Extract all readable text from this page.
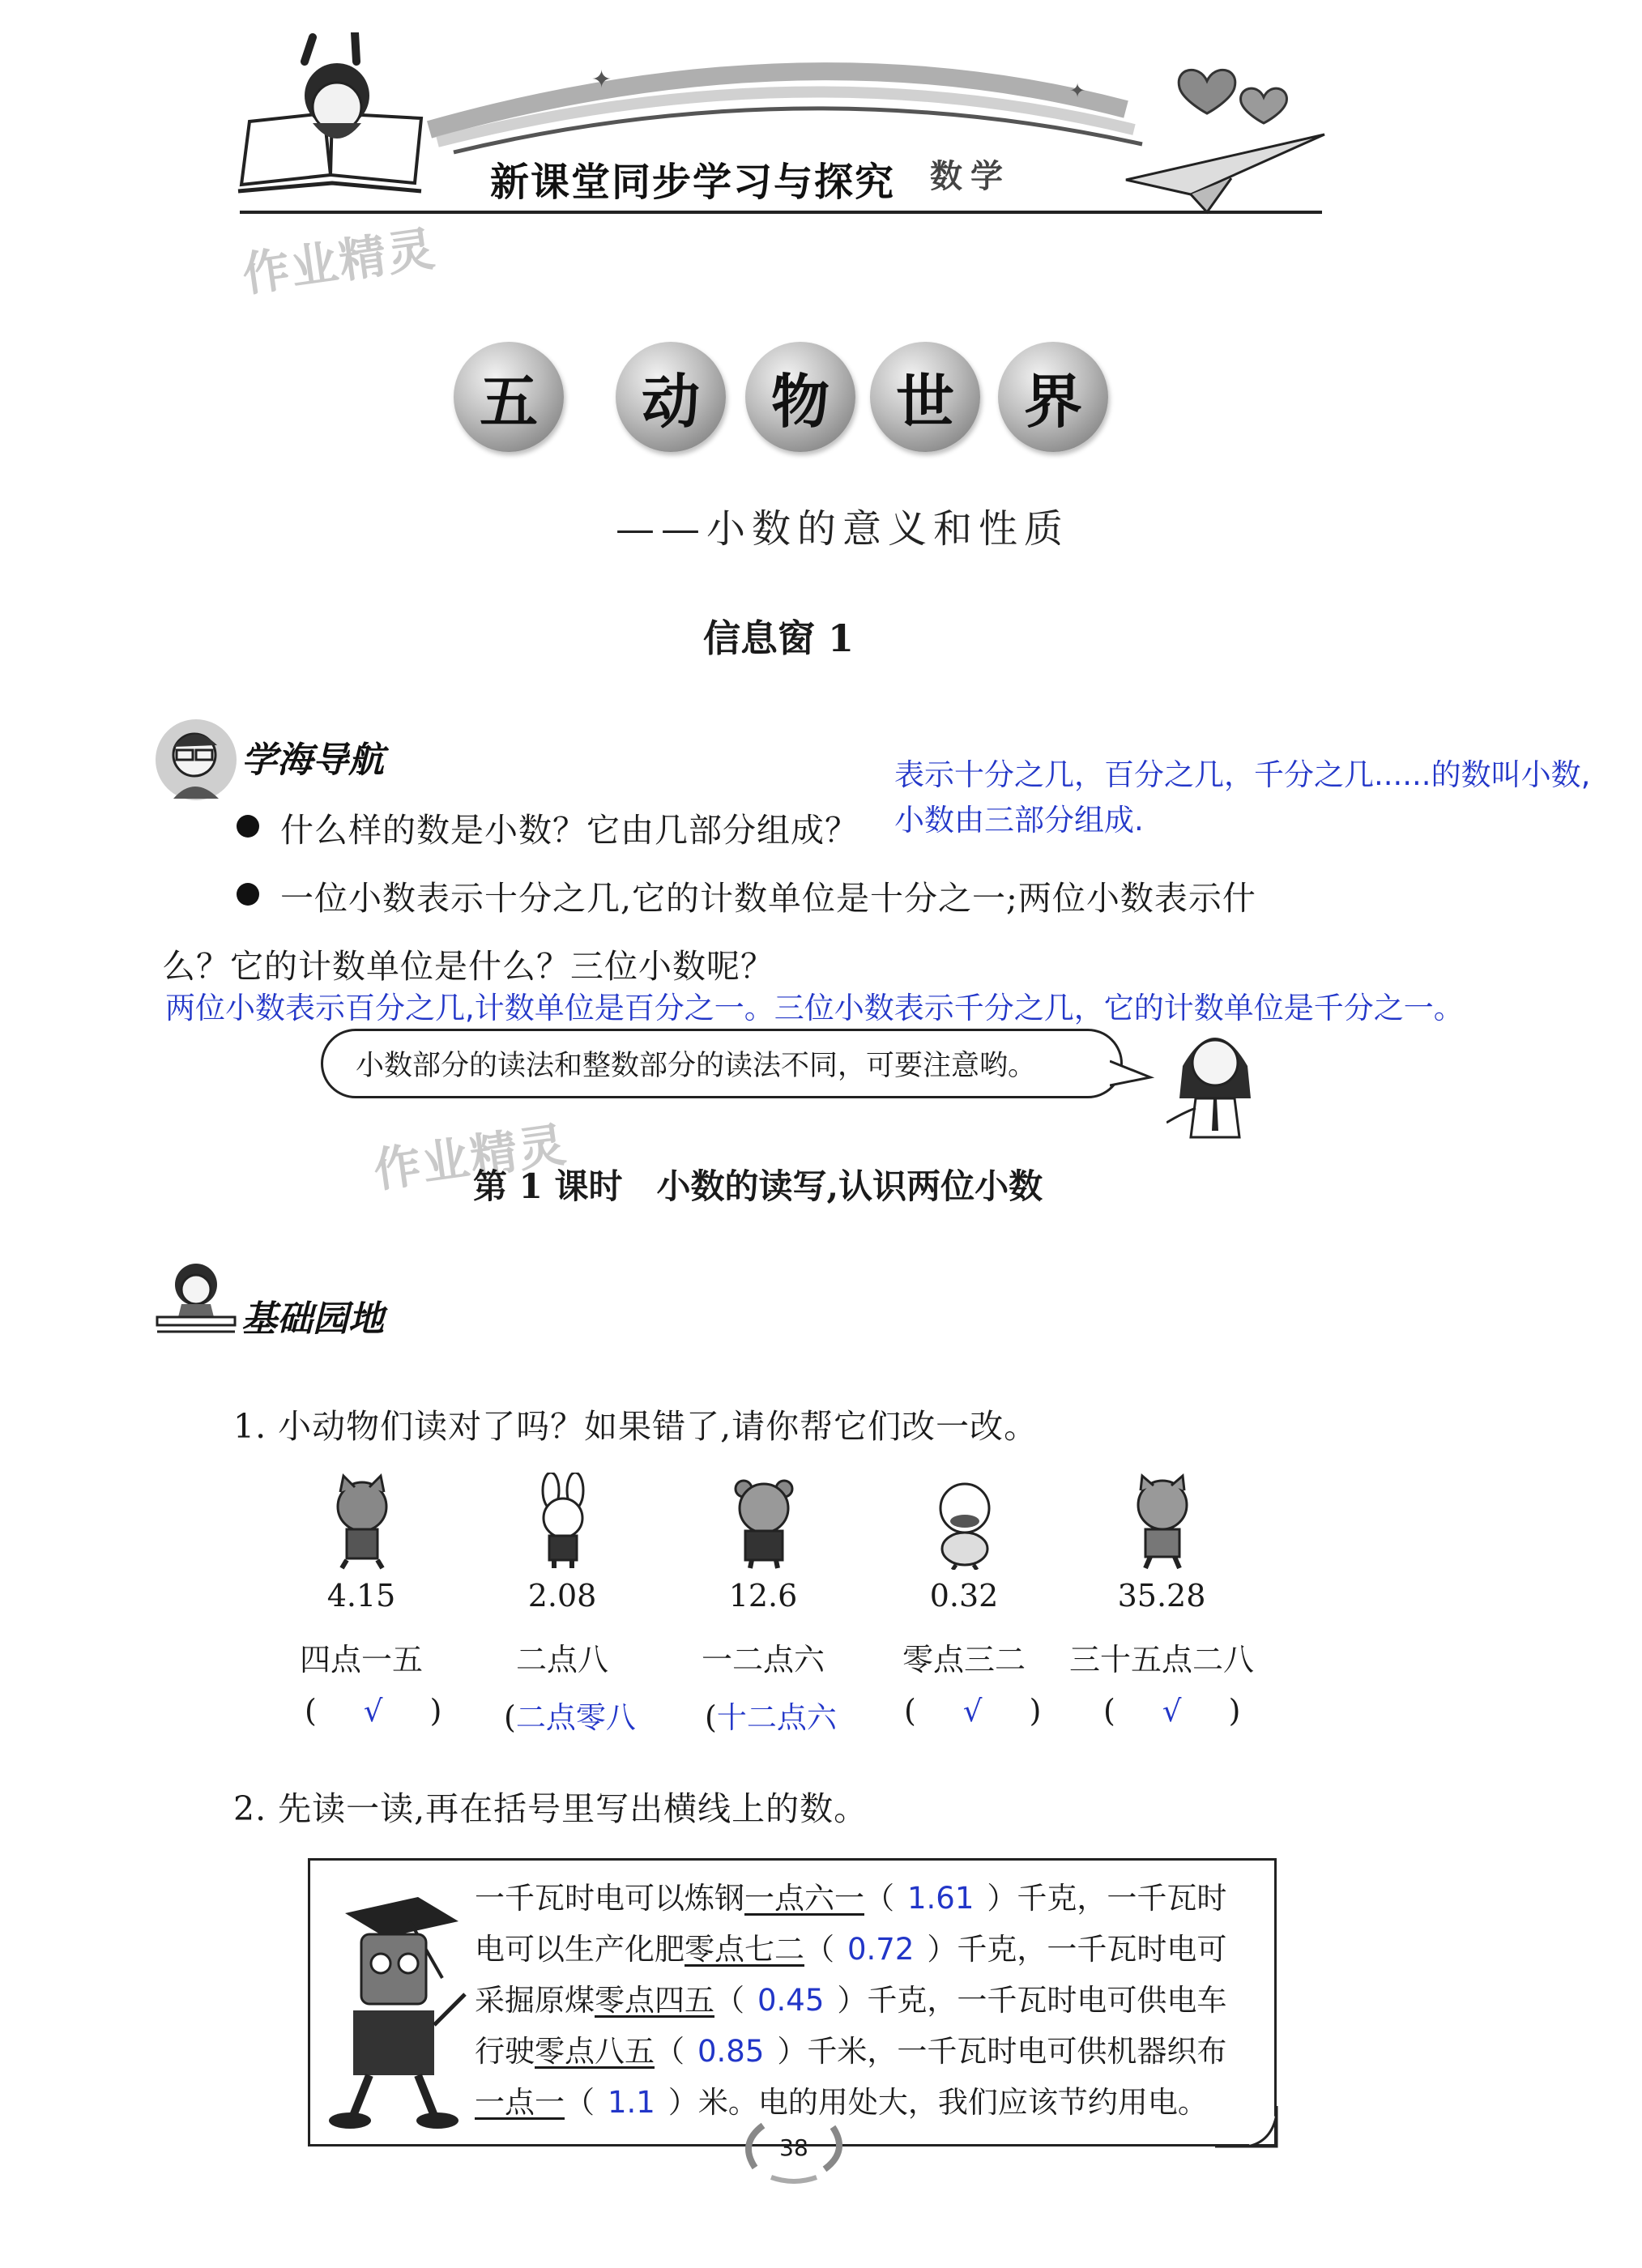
✦	✦
新课堂同步学习与探究 数学
作业精灵
五	动	物	世	界
——小数的意义和性质
信息窗 1
学海导航	表示十分之几，百分之几，千分之几......的数叫小数,
小数由三部分组成.
什么样的数是小数？它由几部分组成？
一位小数表示十分之几,它的计数单位是十分之一;两位小数表示什
么？它的计数单位是什么？三位小数呢？
两位小数表示百分之几,计数单位是百分之一。三位小数表示千分之几，它的计数单位是千分之一。
小数部分的读法和整数部分的读法不同，可要注意哟。
作业精灵
第 1 课时　小数的读写,认识两位小数
基础园地
1. 小动物们读对了吗？如果错了,请你帮它们改一改。
4.15	2.08	12.6	0.32	35.28
四点一五	二点八	一二点六	零点三二	三十五点二八
( √ ) (二点零八 (十二点六 ( √ ) ( √ )
2. 先读一读,再在括号里写出横线上的数。
一千瓦时电可以炼钢一点六一（ 1.61 ）千克，一千瓦时
电可以生产化肥零点七二（ 0.72 ）千克，一千瓦时电可
采掘原煤零点四五（ 0.45 ）千克，一千瓦时电可供电车
行驶零点八五（ 0.85 ）千米，一千瓦时电可供机器织布
一点一（ 1.1 ）米。电的用处大，我们应该节约用电。
38
